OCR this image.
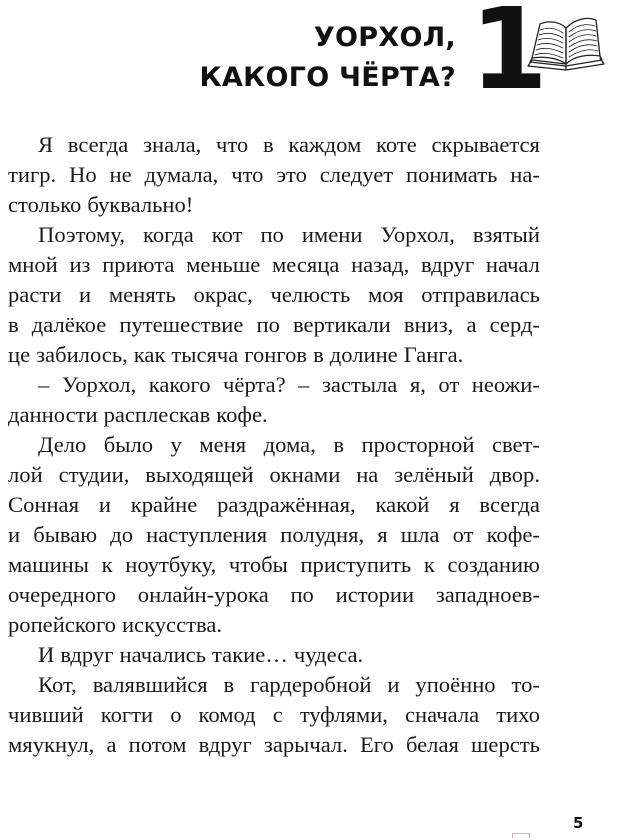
УОРХОЛ,
КАКОГО ЧЁРТА? 1
Я всегда знала, что в каждом коте скрывается
тигр. Но не думала, что это следует понимать на-
столько буквально!
Поэтому, когда кот по имени Уорхол, взятый
мной из приюта меньше месяца назад, вдруг начал
расти и менять окрас, челюсть моя отправилась
в далёкое путешествие по вертикали вниз, а серд-
це забилось, как тысяча гонгов в долине Ганга.
– Уорхол, какого чёрта? – застыла я, от неожи-
данности расплескав кофе.
Дело было у меня дома, в просторной свет-
лой студии, выходящей окнами на зелёный двор.
Сонная и крайне раздражённая, какой я всегда
и бываю до наступления полудня, я шла от кофе-
машины к ноутбуку, чтобы приступить к созданию
очередного онлайн-урока по истории западноев-
ропейского искусства.
И вдруг начались такие… чудеса.
Кот, валявшийся в гардеробной и упоённо то-
чивший когти о комод с туфлями, сначала тихо
мяукнул, а потом вдруг зарычал. Его белая шерсть
5
